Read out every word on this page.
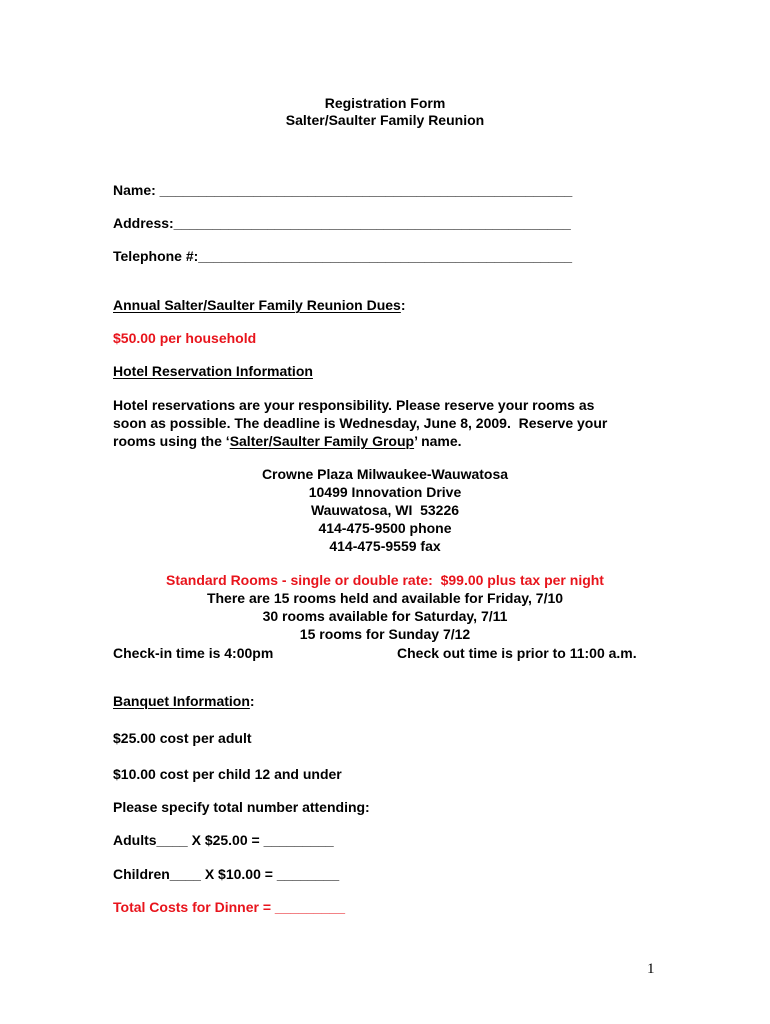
Registration Form
Salter/Saulter Family Reunion
Name: _____________________________________________________
Address:___________________________________________________
Telephone #:________________________________________________
Annual Salter/Saulter Family Reunion Dues:
$50.00 per household
Hotel Reservation Information
Hotel reservations are your responsibility. Please reserve your rooms as
soon as possible. The deadline is Wednesday, June 8, 2009.  Reserve your
rooms using the ‘Salter/Saulter Family Group’ name.
Crowne Plaza Milwaukee-Wauwatosa
10499 Innovation Drive
Wauwatosa, WI  53226
414-475-9500 phone
414-475-9559 fax
Standard Rooms - single or double rate:  $99.00 plus tax per night
There are 15 rooms held and available for Friday, 7/10
30 rooms available for Saturday, 7/11
15 rooms for Sunday 7/12
Check-in time is 4:00pm	Check out time is prior to 11:00 a.m.
Banquet Information:
$25.00 cost per adult
$10.00 cost per child 12 and under
Please specify total number attending:
Adults____ X $25.00 = _________
Children____ X $10.00 = ________
Total Costs for Dinner = _________
1
